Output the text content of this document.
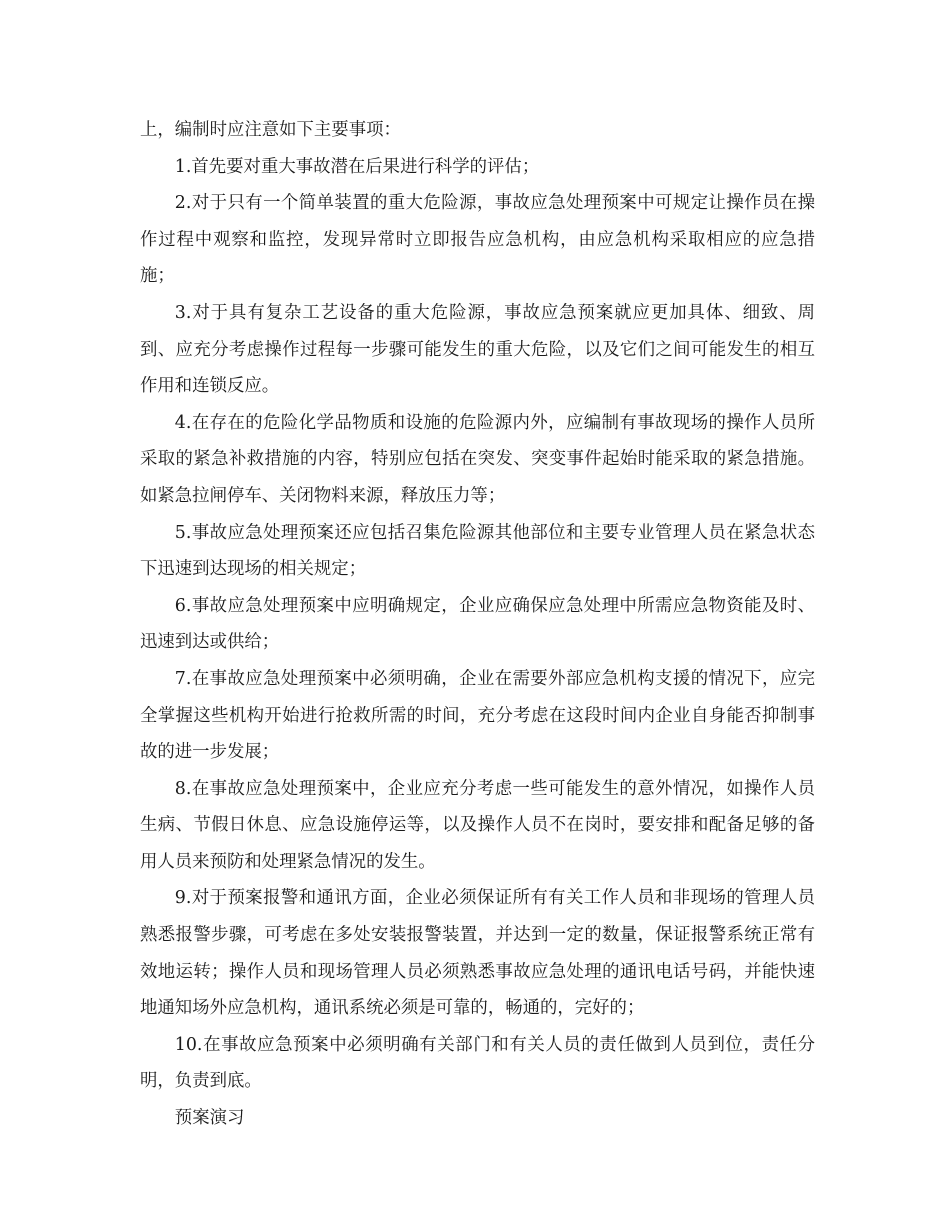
上，编制时应注意如下主要事项：

1.首先要对重大事故潜在后果进行科学的评估；

2.对于只有一个简单装置的重大危险源，事故应急处理预案中可规定让操作员在操作过程中观察和监控，发现异常时立即报告应急机构，由应急机构采取相应的应急措施；

3.对于具有复杂工艺设备的重大危险源，事故应急预案就应更加具体、细致、周到、应充分考虑操作过程每一步骤可能发生的重大危险，以及它们之间可能发生的相互作用和连锁反应。

4.在存在的危险化学品物质和设施的危险源内外，应编制有事故现场的操作人员所采取的紧急补救措施的内容，特别应包括在突发、突变事件起始时能采取的紧急措施。如紧急拉闸停车、关闭物料来源，释放压力等；

5.事故应急处理预案还应包括召集危险源其他部位和主要专业管理人员在紧急状态下迅速到达现场的相关规定；

6.事故应急处理预案中应明确规定，企业应确保应急处理中所需应急物资能及时、迅速到达或供给；

7.在事故应急处理预案中必须明确，企业在需要外部应急机构支援的情况下，应完全掌握这些机构开始进行抢救所需的时间，充分考虑在这段时间内企业自身能否抑制事故的进一步发展；

8.在事故应急处理预案中，企业应充分考虑一些可能发生的意外情况，如操作人员生病、节假日休息、应急设施停运等，以及操作人员不在岗时，要安排和配备足够的备用人员来预防和处理紧急情况的发生。

9.对于预案报警和通讯方面，企业必须保证所有有关工作人员和非现场的管理人员熟悉报警步骤，可考虑在多处安装报警装置，并达到一定的数量，保证报警系统正常有效地运转；操作人员和现场管理人员必须熟悉事故应急处理的通讯电话号码，并能快速地通知场外应急机构，通讯系统必须是可靠的，畅通的，完好的；

10.在事故应急预案中必须明确有关部门和有关人员的责任做到人员到位，责任分明，负责到底。

预案演习
